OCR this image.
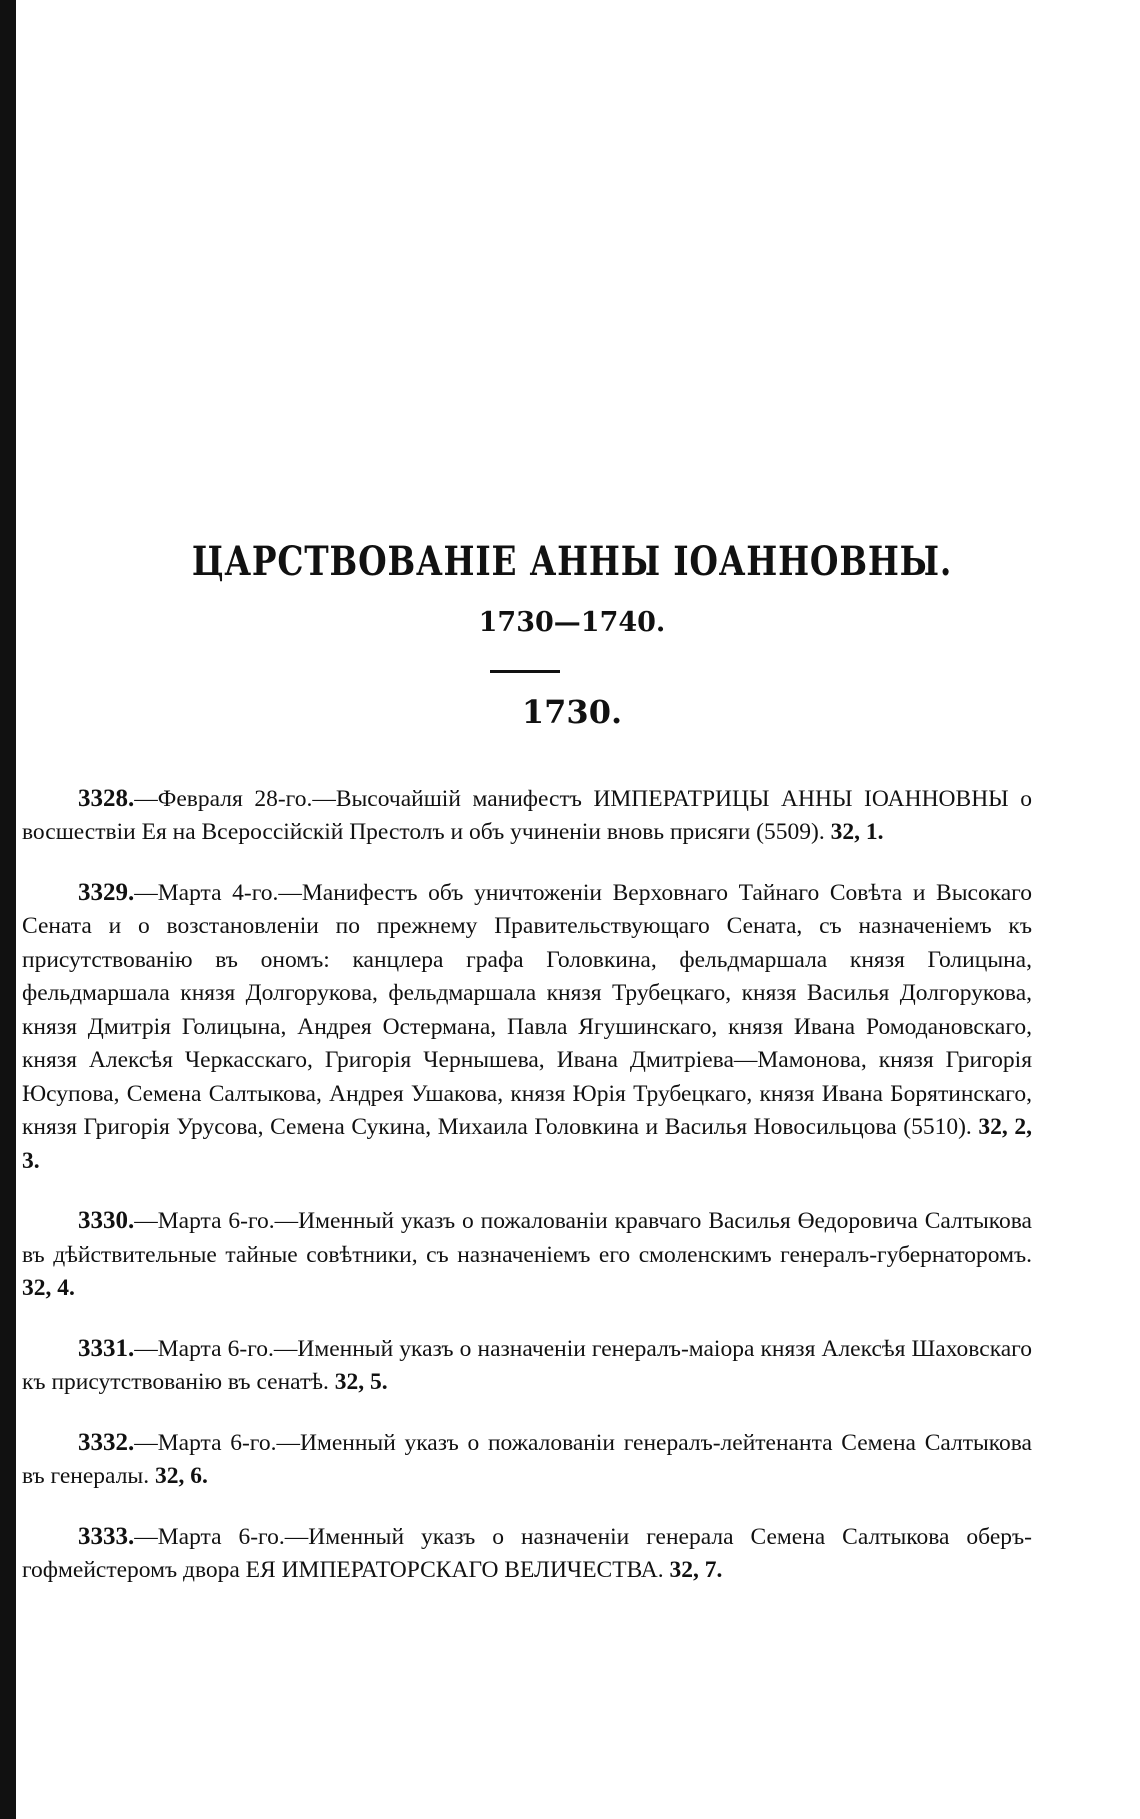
ЦАРСТВОВАНІЕ АННЫ ІОАННОВНЫ.
1730—1740.
1730.

3328.—Февраля 28-го.—Высочайшій манифестъ ИМПЕРАТРИЦЫ АННЫ ІОАННОВНЫ о восшествіи Ея на Всероссійскій Престолъ и объ учиненіи вновь присяги (5509). 32, 1.

3329.—Марта 4-го.—Манифестъ объ уничтоженіи Верховнаго Тайнаго Совѣта и Высокаго Сената и о возстановленіи по прежнему Правительствующаго Сената, съ назначеніемъ къ присутствованію въ ономъ: канцлера графа Головкина, фельдмаршала князя Голицына, фельдмаршала князя Долгорукова, фельдмаршала князя Трубецкаго, князя Василья Долгорукова, князя Дмитрія Голицына, Андрея Остермана, Павла Ягушинскаго, князя Ивана Ромодановскаго, князя Алексѣя Черкасскаго, Григорія Чернышева, Ивана Дмитріева—Мамонова, князя Григорія Юсупова, Семена Салтыкова, Андрея Ушакова, князя Юрія Трубецкаго, князя Ивана Борятинскаго, князя Григорія Урусова, Семена Сукина, Михаила Головкина и Василья Новосильцова (5510). 32, 2, 3.

3330.—Марта 6-го.—Именный указъ о пожалованіи кравчаго Василья Өедоровича Салтыкова въ дѣйствительные тайные совѣтники, съ назначеніемъ его смоленскимъ генералъ-губернаторомъ. 32, 4.

3331.—Марта 6-го.—Именный указъ о назначеніи генералъ-маіора князя Алексѣя Шаховскаго къ присутствованію въ сенатѣ. 32, 5.

3332.—Марта 6-го.—Именный указъ о пожалованіи генералъ-лейтенанта Семена Салтыкова въ генералы. 32, 6.

3333.—Марта 6-го.—Именный указъ о назначеніи генерала Семена Салтыкова оберъ-гофмейстеромъ двора ЕЯ ИМПЕРАТОРСКАГО ВЕЛИЧЕСТВА. 32, 7.
